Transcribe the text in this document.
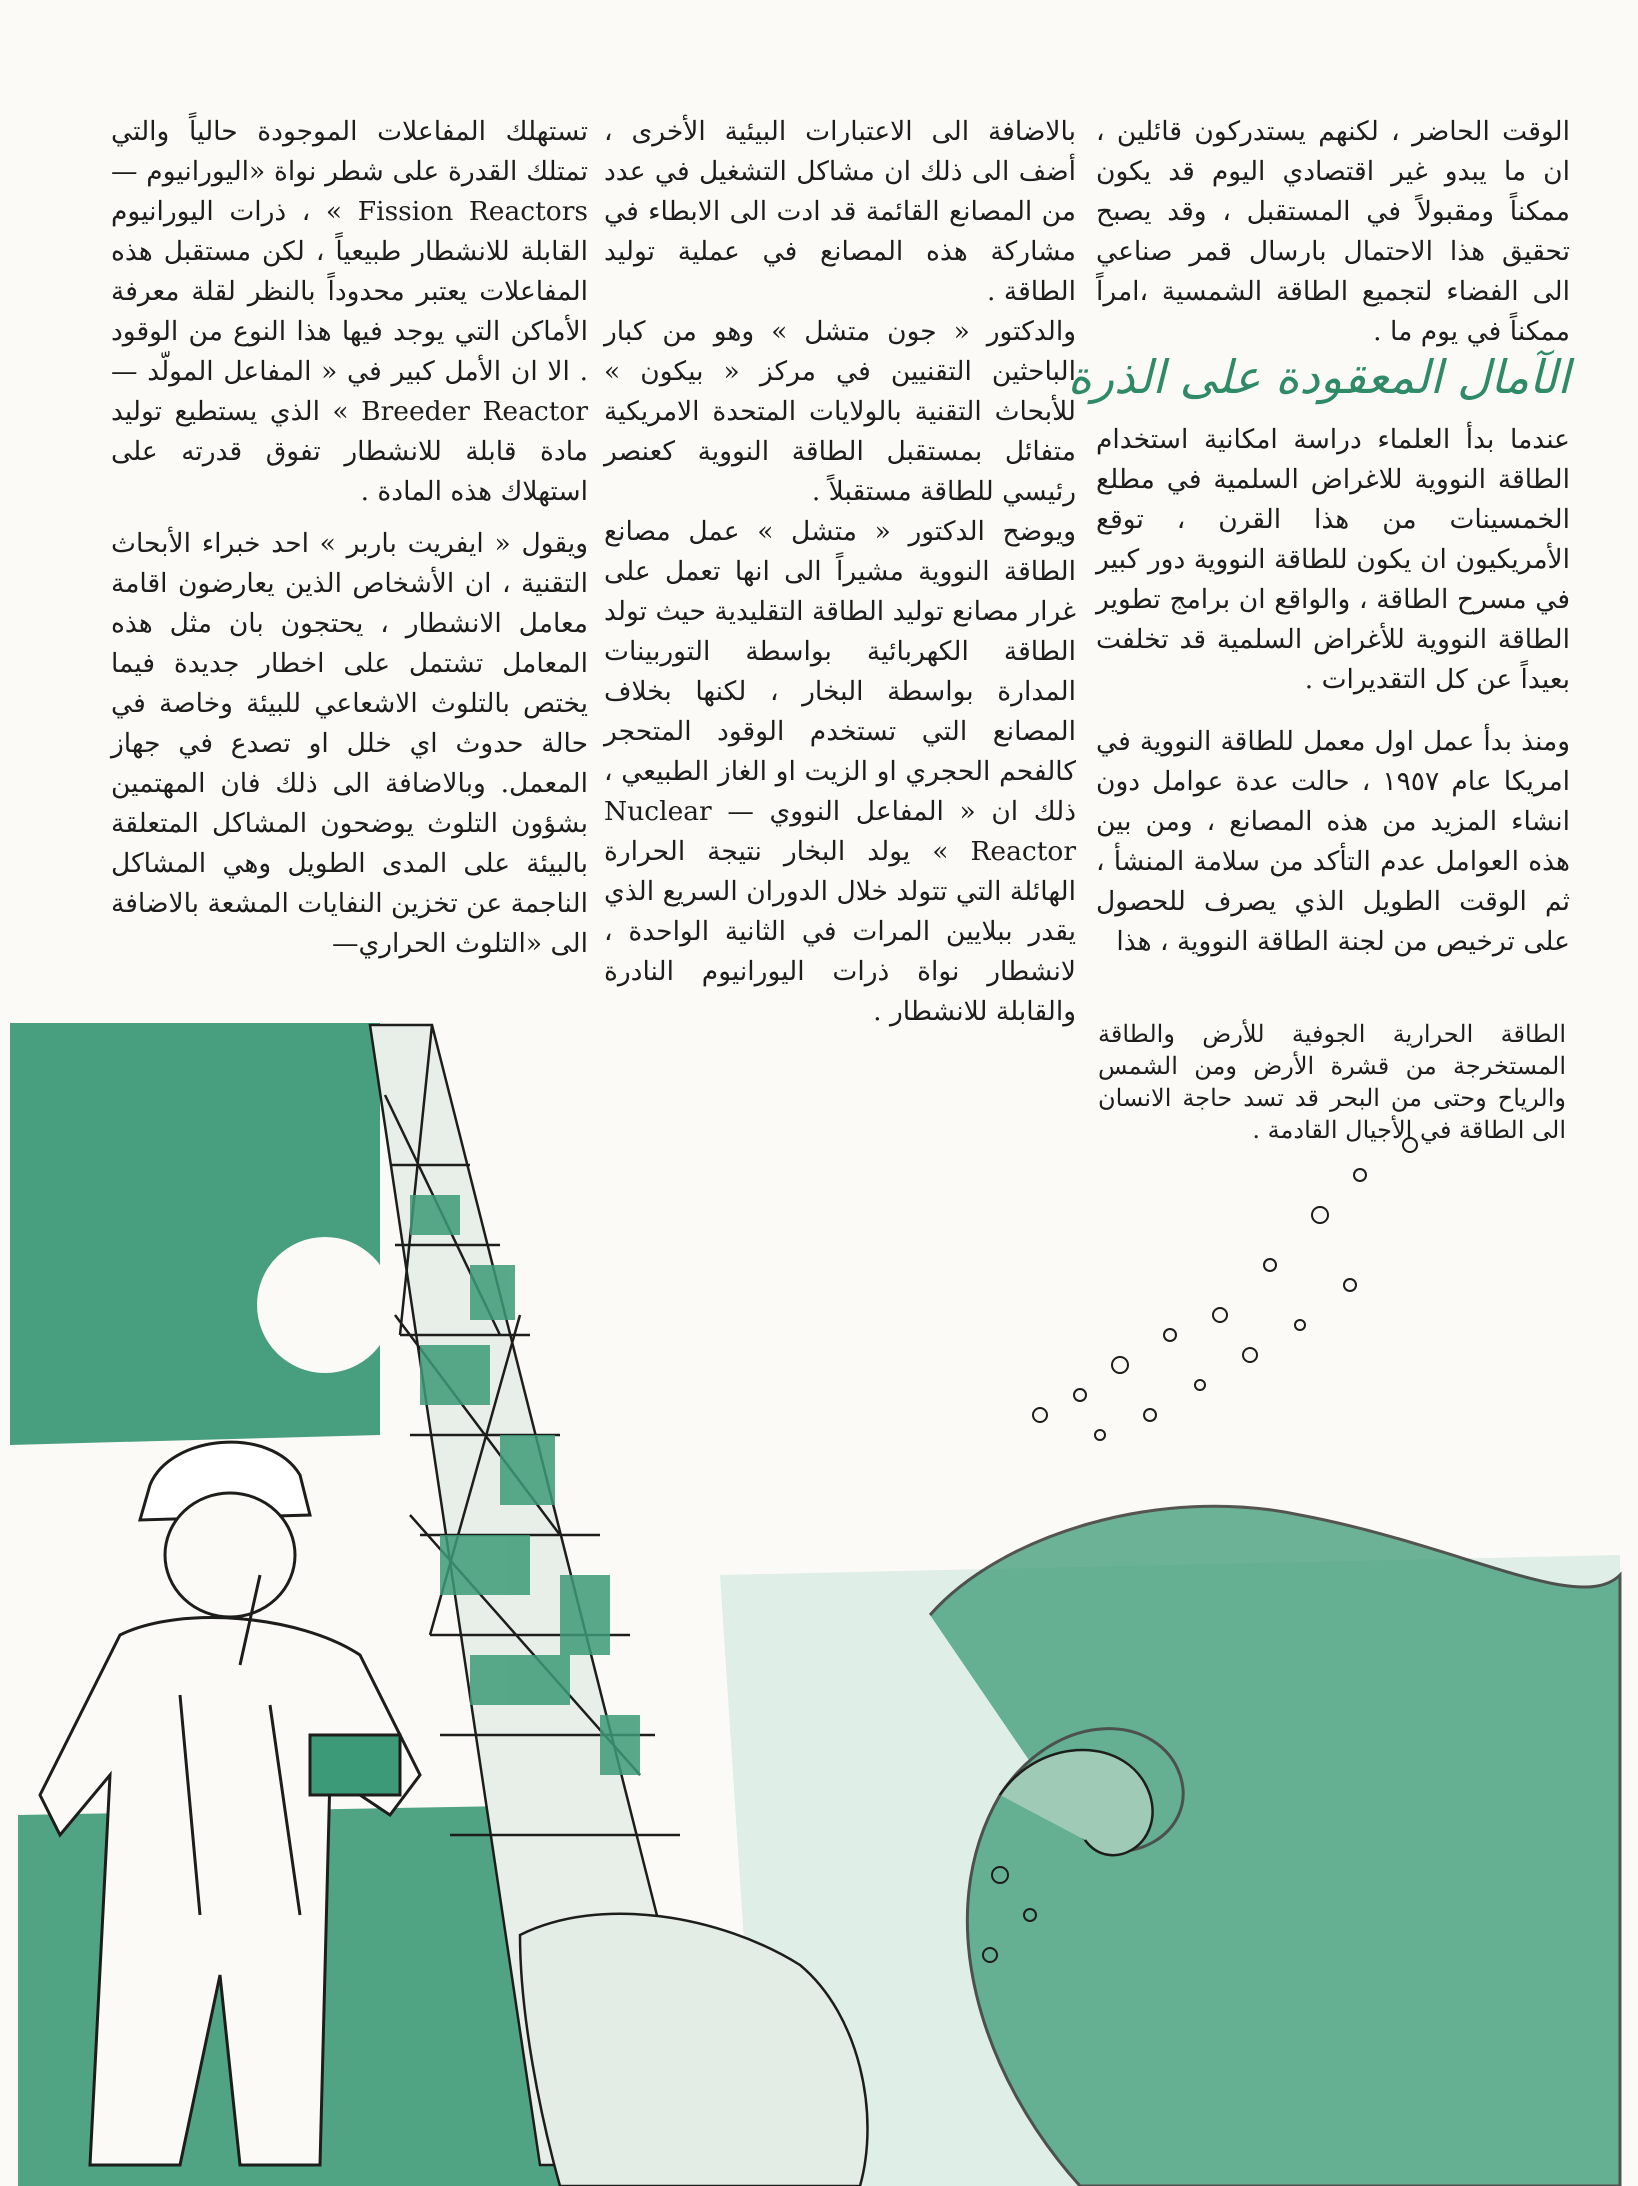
الوقت الحاضر ، لكنهم يستدركون قائلين ، ان ما يبدو غير اقتصادي اليوم قد يكون ممكناً ومقبولاً في المستقبل ، وقد يصبح تحقيق هذا الاحتمال بارسال قمر صناعي الى الفضاء لتجميع الطاقة الشمسية ،امراً ممكناً في يوم ما .

الآمال المعقودة على الذرة

عندما بدأ العلماء دراسة امكانية استخدام الطاقة النووية للاغراض السلمية في مطلع الخمسينات من هذا القرن ، توقع الأمريكيون ان يكون للطاقة النووية دور كبير في مسرح الطاقة ، والواقع ان برامج تطوير الطاقة النووية للأغراض السلمية قد تخلفت بعيداً عن كل التقديرات .

ومنذ بدأ عمل اول معمل للطاقة النووية في امريكا عام ١٩٥٧ ، حالت عدة عوامل دون انشاء المزيد من هذه المصانع ، ومن بين هذه العوامل عدم التأكد من سلامة المنشأ ، ثم الوقت الطويل الذي يصرف للحصول على ترخيص من لجنة الطاقة النووية ، هذا

بالاضافة الى الاعتبارات البيئية الأخرى ، أضف الى ذلك ان مشاكل التشغيل في عدد من المصانع القائمة قد ادت الى الابطاء في مشاركة هذه المصانع في عملية توليد الطاقة .

والدكتور « جون متشل » وهو من كبار الباحثين التقنيين في مركز « بيكون » للأبحاث التقنية بالولايات المتحدة الامريكية متفائل بمستقبل الطاقة النووية كعنصر رئيسي للطاقة مستقبلاً .

ويوضح الدكتور « متشل » عمل مصانع الطاقة النووية مشيراً الى انها تعمل على غرار مصانع توليد الطاقة التقليدية حيث تولد الطاقة الكهربائية بواسطة التوربينات المدارة بواسطة البخار ، لكنها بخلاف المصانع التي تستخدم الوقود المتحجر كالفحم الحجري او الزيت او الغاز الطبيعي ، ذلك ان « المفاعل النووي — Nuclear Reactor » يولد البخار نتيجة الحرارة الهائلة التي تتولد خلال الدوران السريع الذي يقدر ببلايين المرات في الثانية الواحدة ، لانشطار نواة ذرات اليورانيوم النادرة والقابلة للانشطار .

تستهلك المفاعلات الموجودة حالياً والتي تمتلك القدرة على شطر نواة «اليورانيوم — Fission Reactors » ، ذرات اليورانيوم القابلة للانشطار طبيعياً ، لكن مستقبل هذه المفاعلات يعتبر محدوداً بالنظر لقلة معرفة الأماكن التي يوجد فيها هذا النوع من الوقود . الا ان الأمل كبير في « المفاعل المولّد — Breeder Reactor » الذي يستطيع توليد مادة قابلة للانشطار تفوق قدرته على استهلاك هذه المادة .

ويقول « ايفريت باربر » احد خبراء الأبحاث التقنية ، ان الأشخاص الذين يعارضون اقامة معامل الانشطار ، يحتجون بان مثل هذه المعامل تشتمل على اخطار جديدة فيما يختص بالتلوث الاشعاعي للبيئة وخاصة في حالة حدوث اي خلل او تصدع في جهاز المعمل. وبالاضافة الى ذلك فان المهتمين بشؤون التلوث يوضحون المشاكل المتعلقة بالبيئة على المدى الطويل وهي المشاكل الناجمة عن تخزين النفايات المشعة بالاضافة الى «التلوث الحراري—

الطاقة الحرارية الجوفية للأرض والطاقة المستخرجة من قشرة الأرض ومن الشمس والرياح وحتى من البحر قد تسد حاجة الانسان الى الطاقة في الأجيال القادمة .
